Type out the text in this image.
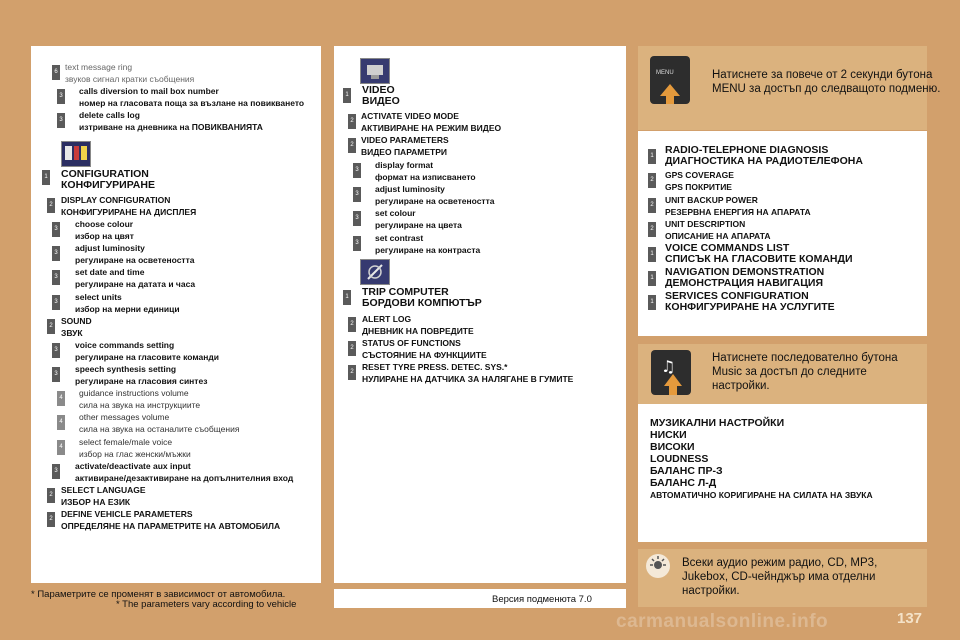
6 text message ring
звуков сигнал кратки съобщения
3 calls diversion to mail box number
номер на гласовата поща за възлане на повикването
3 delete calls log
изтриване на дневника на ПОВИКВАНИЯТА
2 DISPLAY CONFIGURATION
КОНФИГУРИРАНЕ НА ДИСПЛЕЯ
3 choose colour
избор на цвят
3 adjust luminosity
регулиране на осветеността
3 set date and time
регулиране на датата и часа
3 select units
избор на мерни единици
2 SOUND
ЗВУК
3 voice commands setting
регулиране на гласовите команди
3 speech synthesis setting
регулиране на гласовия синтез
4 guidance instructions volume
сила на звука на инструкциите
4 other messages volume
сила на звука на останалите съобщения
4 select female/male voice
избор на глас женски/мъжки
3 activate/deactivate aux input
активиране/дезактивиране на допълнителния вход
2 SELECT LANGUAGE
ИЗБОР НА ЕЗИК
2 DEFINE VEHICLE PARAMETERS
ОПРЕДЕЛЯНЕ НА ПАРАМЕТРИТЕ НА АВТОМОБИЛА
CONFIGURATION
КОНФИГУРИРАНЕ
1
* Параметрите се променят в зависимост от автомобила.
* The parameters vary according to vehicle
1 VIDEO
ВИДЕО
2 ACTIVATE VIDEO MODE
АКТИВИРАНЕ НА РЕЖИМ ВИДЕО
2 VIDEO PARAMETERS
ВИДЕО ПАРАМЕТРИ
3 display format
формат на изписването
3 adjust luminosity
регулиране на осветеността
3 set colour
регулиране на цвета
3 set contrast
регулиране на контраста
1 TRIP COMPUTER
БОРДОВИ КОМПЮТЪР
2 ALERT LOG
ДНЕВНИК НА ПОВРЕДИТЕ
2 STATUS OF FUNCTIONS
СЪСТОЯНИЕ НА ФУНКЦИИТЕ
2 RESET TYRE PRESS. DETEC. SYS.*
НУЛИРАНЕ НА ДАТЧИКА ЗА НАЛЯГАНЕ В ГУМИТЕ
Версия подменюта 7.0
MENU	Натиснете за повече от 2 секунди бутона MENU за достъп до следващото подменю.
1 RADIO-TELEPHONE DIAGNOSIS
ДИАГНОСТИКА НА РАДИОТЕЛЕФОНА
2 GPS COVERAGE
GPS ПОКРИТИЕ
2 UNIT BACKUP POWER
РЕЗЕРВНА ЕНЕРГИЯ НА АПАРАТА
2 UNIT DESCRIPTION
ОПИСАНИЕ НА АПАРАТА
1 VOICE COMMANDS LIST
СПИСЪК НА ГЛАСОВИТЕ КОМАНДИ
1 NAVIGATION DEMONSTRATION
ДЕМОНСТРАЦИЯ НАВИГАЦИЯ
1 SERVICES CONFIGURATION
КОНФИГУРИРАНЕ НА УСЛУГИТЕ
♫	Натиснете последователно бутона Music за достъп до следните настройки.
МУЗИКАЛНИ НАСТРОЙКИ
НИСКИ
ВИСОКИ
LOUDNESS
БАЛАНС ПР-З
БАЛАНС Л-Д
АВТОМАТИЧНО КОРИГИРАНЕ НА СИЛАТА НА ЗВУКА
Всеки аудио режим радио, CD, MP3, Jukebox, CD-чейнджър има отделни настройки.
carmanualsonline.info	137
